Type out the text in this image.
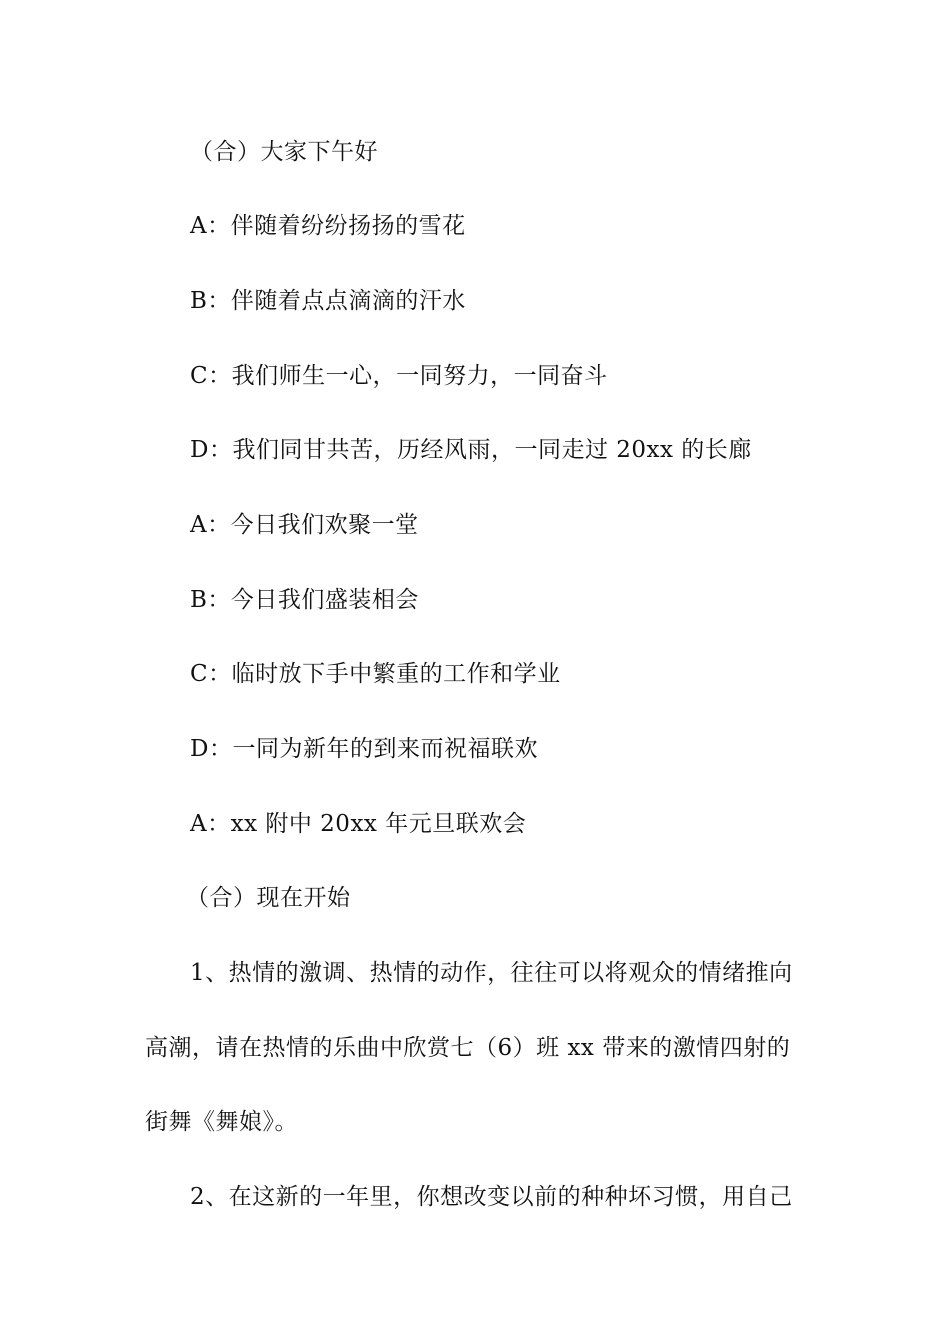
（合）大家下午好
A：伴随着纷纷扬扬的雪花
B：伴随着点点滴滴的汗水
C：我们师生一心，一同努力，一同奋斗
D：我们同甘共苦，历经风雨，一同走过 20xx 的长廊
A：今日我们欢聚一堂
B：今日我们盛装相会
C：临时放下手中繁重的工作和学业
D：一同为新年的到来而祝福联欢
A：xx 附中 20xx 年元旦联欢会
（合）现在开始
1、热情的激调、热情的动作，往往可以将观众的情绪推向
高潮，请在热情的乐曲中欣赏七（6）班 xx 带来的激情四射的
街舞《舞娘》。
2、在这新的一年里，你想改变以前的种种坏习惯，用自己
